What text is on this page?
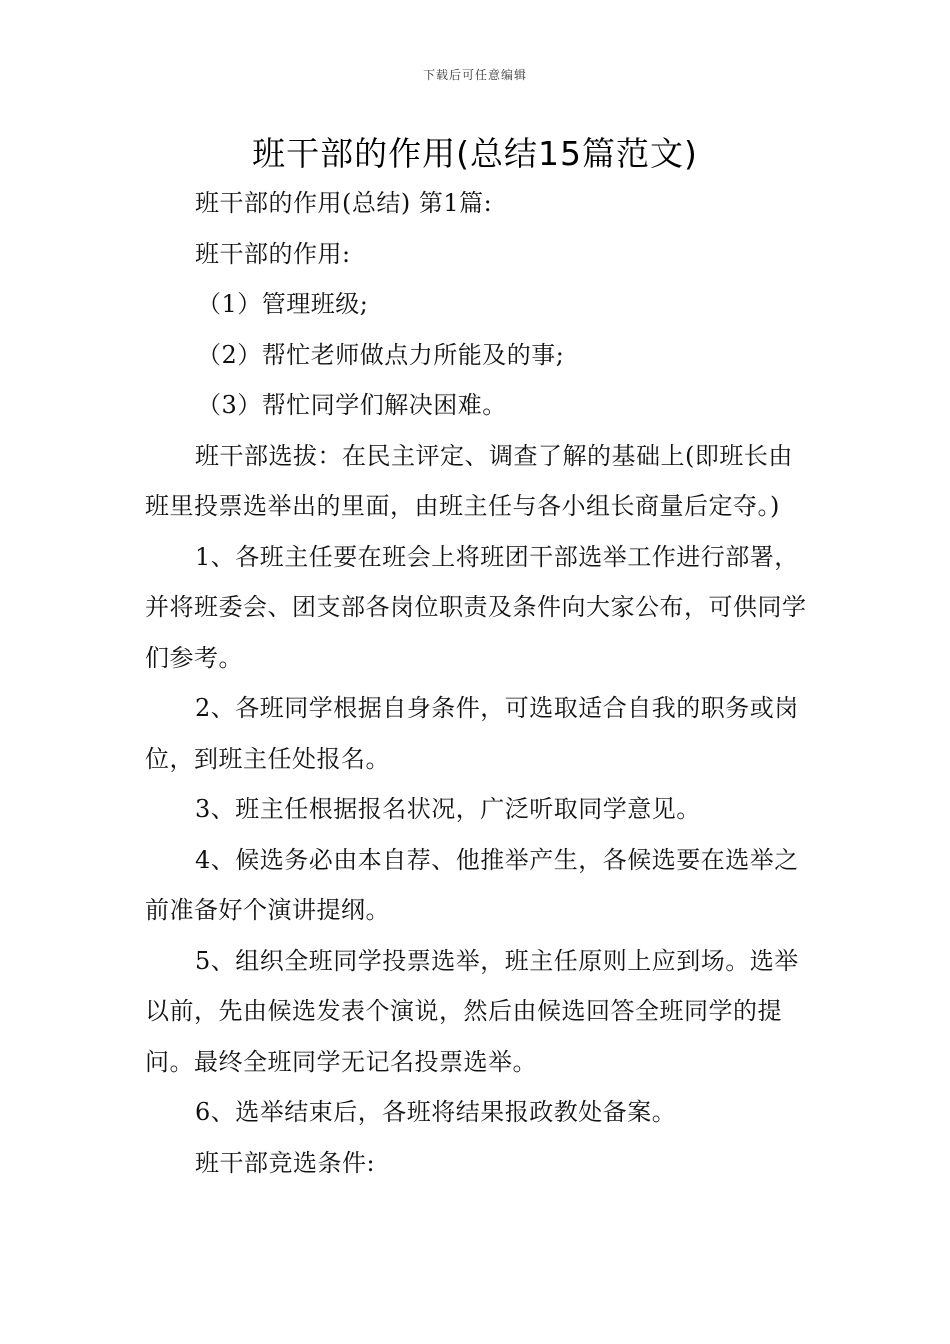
下载后可任意编辑
班干部的作用(总结15篇范文)

班干部的作用(总结) 第1篇:

班干部的作用:

（1）管理班级;

（2）帮忙老师做点力所能及的事;

（3）帮忙同学们解决困难。

班干部选拔：在民主评定、调查了解的基础上(即班长由班里投票选举出的里面，由班主任与各小组长商量后定夺。)

1、各班主任要在班会上将班团干部选举工作进行部署，并将班委会、团支部各岗位职责及条件向大家公布，可供同学们参考。

2、各班同学根据自身条件，可选取适合自我的职务或岗位，到班主任处报名。

3、班主任根据报名状况，广泛听取同学意见。

4、候选务必由本自荐、他推举产生，各候选要在选举之前准备好个演讲提纲。

5、组织全班同学投票选举，班主任原则上应到场。选举以前，先由候选发表个演说，然后由候选回答全班同学的提问。最终全班同学无记名投票选举。

6、选举结束后，各班将结果报政教处备案。

班干部竞选条件:
